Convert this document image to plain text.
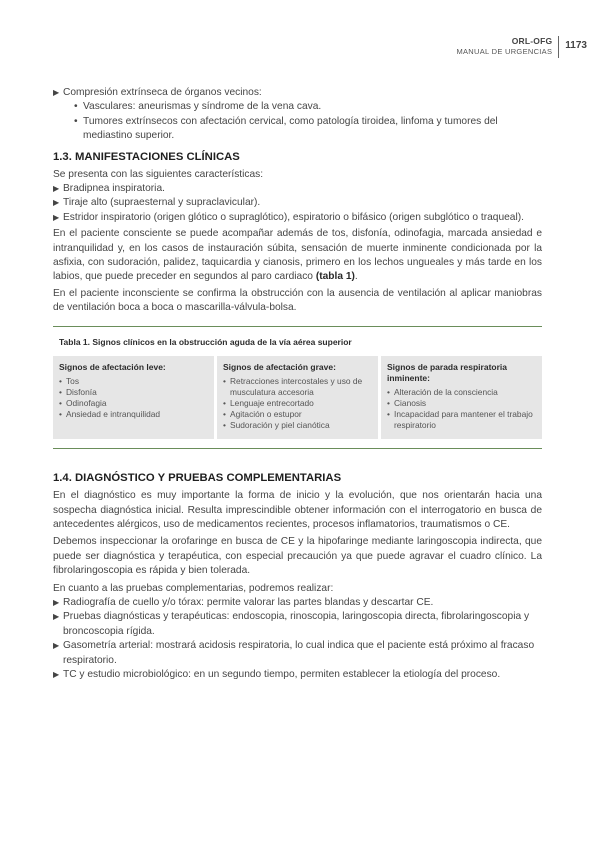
ORL-OFG
MANUAL DE URGENCIAS
1173
▶ Compresión extrínseca de órganos vecinos:
• Vasculares: aneurismas y síndrome de la vena cava.
• Tumores extrínsecos con afectación cervical, como patología tiroidea, linfoma y tumores del mediastino superior.
1.3. MANIFESTACIONES CLÍNICAS

Se presenta con las siguientes características:

▶ Bradipnea inspiratoria.
▶ Tiraje alto (supraesternal y supraclavicular).
▶ Estridor inspiratorio (origen glótico o supraglótico), espiratorio o bifásico (origen subglótico o traqueal).

En el paciente consciente se puede acompañar además de tos, disfonía, odinofagia, marcada ansiedad e intranquilidad y, en los casos de instauración súbita, sensación de muerte inminente condicionada por la asfixia, con sudoración, palidez, taquicardia y cianosis, primero en los lechos ungueales y más tarde en los labios, que puede preceder en segundos al paro cardiaco (tabla 1).

En el paciente inconsciente se confirma la obstrucción con la ausencia de ventilación al aplicar maniobras de ventilación boca a boca o mascarilla-válvula-bolsa.

Tabla 1. Signos clínicos en la obstrucción aguda de la vía aérea superior
Signos de afectación leve:
• Tos
• Disfonía
• Odinofagia
• Ansiedad e intranquilidad
Signos de afectación grave:
• Retracciones intercostales y uso de musculatura accesoria
• Lenguaje entrecortado
• Agitación o estupor
• Sudoración y piel cianótica
Signos de parada respiratoria inminente:
• Alteración de la consciencia
• Cianosis
• Incapacidad para mantener el trabajo respiratorio
1.4. DIAGNÓSTICO Y PRUEBAS COMPLEMENTARIAS

En el diagnóstico es muy importante la forma de inicio y la evolución, que nos orientarán hacia una sospecha diagnóstica inicial. Resulta imprescindible obtener información con el interrogatorio en busca de antecedentes alérgicos, uso de medicamentos recientes, procesos inflamatorios, traumatismos o CE.

Debemos inspeccionar la orofaringe en busca de CE y la hipofaringe mediante laringoscopia indirecta, que puede ser diagnóstica y terapéutica, con especial precaución ya que puede agravar el cuadro clínico. La fibrolaringoscopia es rápida y bien tolerada.

En cuanto a las pruebas complementarias, podremos realizar:

▶ Radiografía de cuello y/o tórax: permite valorar las partes blandas y descartar CE.
▶ Pruebas diagnósticas y terapéuticas: endoscopia, rinoscopia, laringoscopia directa, fibrolaringoscopia y broncoscopia rígida.
▶ Gasometría arterial: mostrará acidosis respiratoria, lo cual indica que el paciente está próximo al fracaso respiratorio.
▶ TC y estudio microbiológico: en un segundo tiempo, permiten establecer la etiología del proceso.
